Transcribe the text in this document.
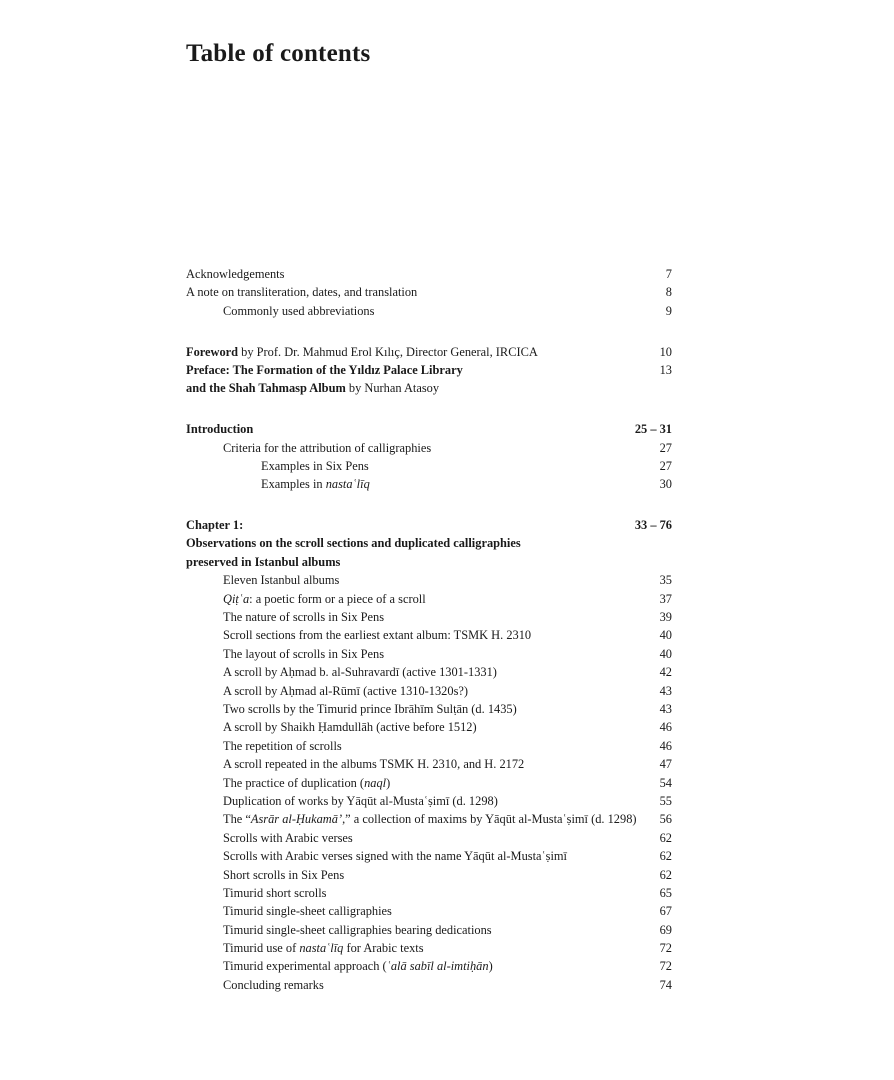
Table of contents
Acknowledgements	7
A note on transliteration, dates, and translation	8
Commonly used abbreviations	9
Foreword by Prof. Dr. Mahmud Erol Kılıç, Director General, IRCICA	10
Preface: The Formation of the Yıldız Palace Library	13
and the Shah Tahmasp Album by Nurhan Atasoy
Introduction	25 – 31
Criteria for the attribution of calligraphies	27
Examples in Six Pens	27
Examples in nastaʿlīq	30
Chapter 1:	33 – 76
Observations on the scroll sections and duplicated calligraphies
preserved in Istanbul albums
Eleven Istanbul albums	35
Qiṭʿa: a poetic form or a piece of a scroll	37
The nature of scrolls in Six Pens	39
Scroll sections from the earliest extant album: TSMK H. 2310	40
The layout of scrolls in Six Pens	40
A scroll by Aḥmad b. al-Suhravardī (active 1301-1331)	42
A scroll by Aḥmad al-Rūmī (active 1310-1320s?)	43
Two scrolls by the Timurid prince Ibrāhīm Sulṭān (d. 1435)	43
A scroll by Shaikh Ḥamdullāh (active before 1512)	46
The repetition of scrolls	46
A scroll repeated in the albums TSMK H. 2310, and H. 2172	47
The practice of duplication (naql)	54
Duplication of works by Yāqūt al-Mustaʿṣimī (d. 1298)	55
The “Asrār al-Ḥukamā’,” a collection of maxims by Yāqūt al-Mustaʿṣimī (d. 1298)	56
Scrolls with Arabic verses	62
Scrolls with Arabic verses signed with the name Yāqūt al-Mustaʿṣimī	62
Short scrolls in Six Pens	62
Timurid short scrolls	65
Timurid single-sheet calligraphies	67
Timurid single-sheet calligraphies bearing dedications	69
Timurid use of nastaʿlīq for Arabic texts	72
Timurid experimental approach (ʿalā sabīl al-imtiḥān)	72
Concluding remarks	74
